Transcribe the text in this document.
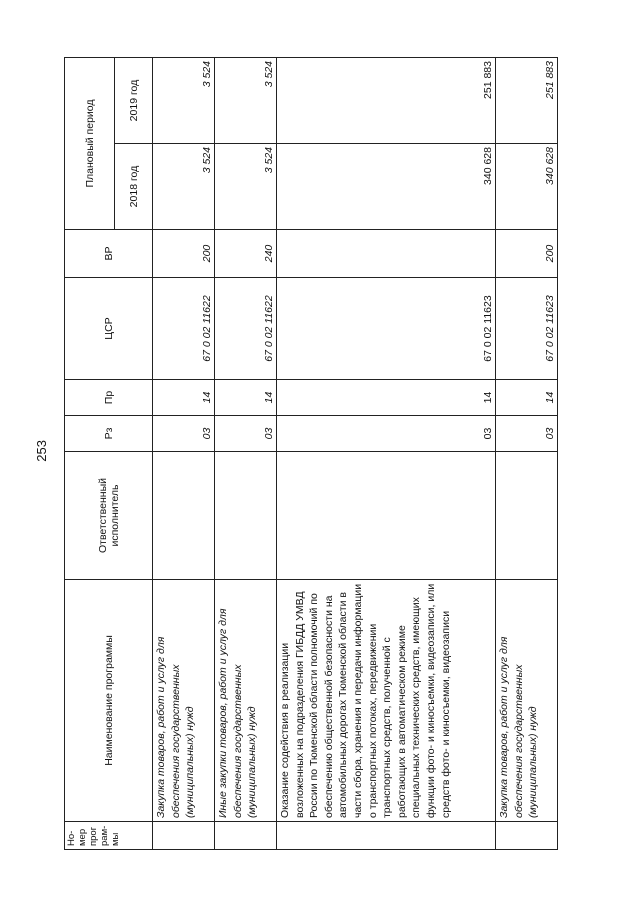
253
Но-мер прог рам-мы	Наименование программы	Ответственный исполнитель	Рз	Пр	ЦСР	ВР	Плановый период	
							2018 год	2019 год
	Закупка товаров, работ и услуг для обеспечения государственных (муниципальных) нужд		03	14	67 0 02 11622	200	3 524	3 524
	Иные закупки товаров, работ и услуг для обеспечения государственных (муниципальных) нужд		03	14	67 0 02 11622	240	3 524	3 524
	Оказание содействия в реализации возложенных на подразделения ГИБДД УМВД России по Тюменской области полномочий по обеспечению общественной безопасности на автомобильных дорогах Тюменской области в части сбора, хранения и передачи информации о транспортных потоках, передвижении транспортных средств, полученной с работающих в автоматическом режиме специальных технических средств, имеющих функции фото- и киносъемки, видеозаписи, или средств фото- и киносъемки, видеозаписи		03	14	67 0 02 11623		340 628	251 883
	Закупка товаров, работ и услуг для обеспечения государственных (муниципальных) нужд		03	14	67 0 02 11623	200	340 628	251 883
